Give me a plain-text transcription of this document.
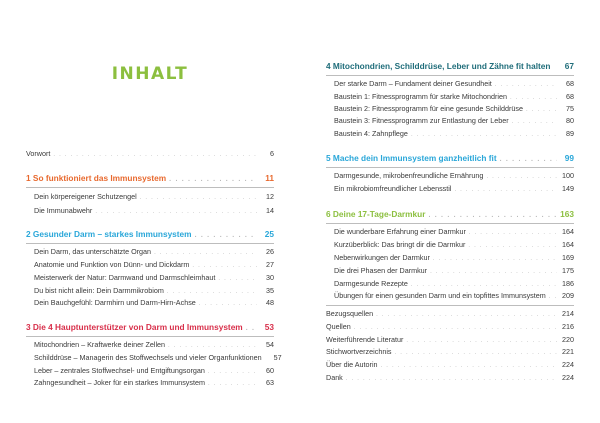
INHALT
Vorwort . . .	6
1 So funktioniert das Immunsystem . . .	11
Dein körpereigener Schutzengel . . .	12
Die Immunabwehr . . .	14
2 Gesunder Darm – starkes Immunsystem . . .	25
Dein Darm, das unterschätzte Organ . . .	26
Anatomie und Funktion von Dünn- und Dickdarm . . .	27
Meisterwerk der Natur: Darmwand und Darmschleimhaut . . .	30
Du bist nicht allein: Dein Darmmikrobiom . . .	35
Dein Bauchgefühl: Darmhirn und Darm-Hirn-Achse . . .	48
3 Die 4 Hauptunterstützer von Darm und Immunsystem . . .	53
Mitochondrien – Kraftwerke deiner Zellen . . .	54
Schilddrüse – Managerin des Stoffwechsels und vieler Organfunktionen	57
Leber – zentrales Stoffwechsel- und Entgiftungsorgan . . .	60
Zahngesundheit – Joker für ein starkes Immunsystem . . .	63
4 Mitochondrien, Schilddrüse, Leber und Zähne fit halten	67
Der starke Darm – Fundament deiner Gesundheit . . .	68
Baustein 1: Fitnessprogramm für starke Mitochondrien . . .	68
Baustein 2: Fitnessprogramm für eine gesunde Schilddrüse . . .	75
Baustein 3: Fitnessprogramm zur Entlastung der Leber . . .	80
Baustein 4: Zahnpflege . . .	89
5 Mache dein Immunsystem ganzheitlich fit . . .	99
Darmgesunde, mikrobenfreundliche Ernährung . . .	100
Ein mikrobiomfreundlicher Lebensstil . . .	149
6 Deine 17-Tage-Darmkur . . .	163
Die wunderbare Erfahrung einer Darmkur . . .	164
Kurzüberblick: Das bringt dir die Darmkur . . .	164
Nebenwirkungen der Darmkur . . .	169
Die drei Phasen der Darmkur . . .	175
Darmgesunde Rezepte . . .	186
Übungen für einen gesunden Darm und ein topfittes Immunsystem . . . 209
Bezugsquellen . . .	214
Quellen . . .	216
Weiterführende Literatur . . .	220
Stichwortverzeichnis . . .	221
Über die Autorin . . .	224
Dank . . .	224
